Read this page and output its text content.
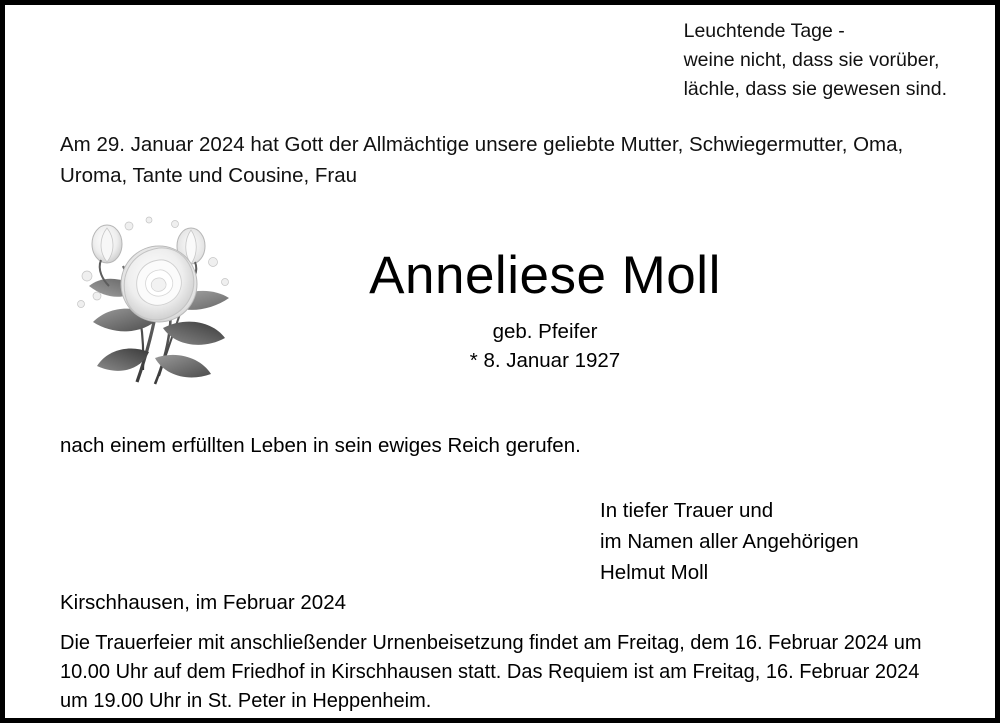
Leuchtende Tage -
weine nicht, dass sie vorüber,
lächle, dass sie gewesen sind.
Am 29. Januar 2024 hat Gott der Allmächtige unsere geliebte Mutter, Schwiegermutter, Oma, Uroma, Tante und Cousine, Frau
Anneliese Moll
geb. Pfeifer
* 8. Januar 1927
nach einem erfüllten Leben in sein ewiges Reich gerufen.
In tiefer Trauer und
im Namen aller Angehörigen
Helmut Moll
Kirschhausen, im Februar 2024
Die Trauerfeier mit anschließender Urnenbeisetzung findet am Freitag, dem 16. Februar 2024 um 10.00 Uhr auf dem Friedhof in Kirschhausen statt. Das Requiem ist am Freitag, 16. Februar 2024 um 19.00 Uhr in St. Peter in Heppenheim.
